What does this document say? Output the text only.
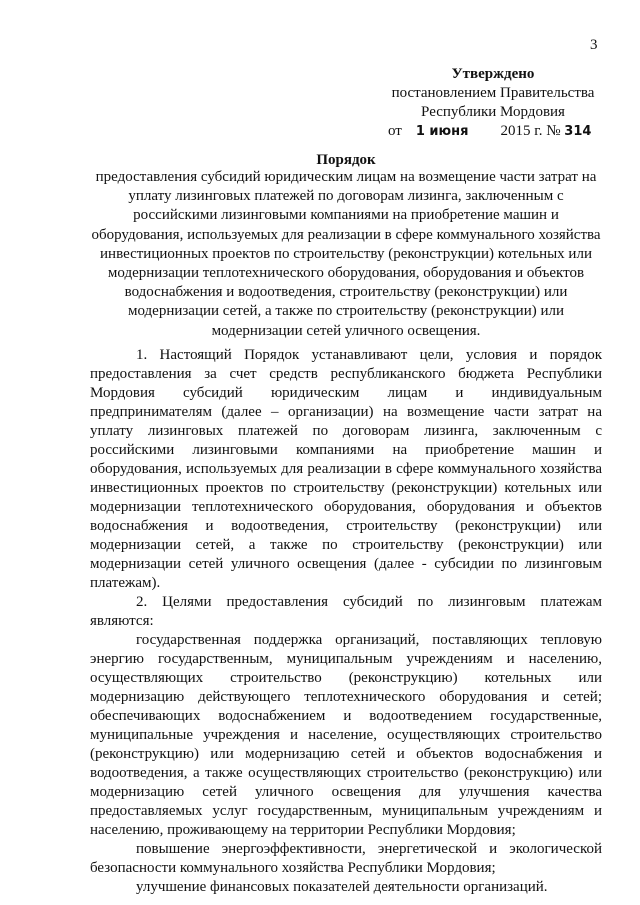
3
Утверждено
постановлением Правительства
Республики Мордовия
от 1 июня 2015 г. № 314
Порядок
предоставления субсидий юридическим лицам на возмещение части затрат на уплату лизинговых платежей по договорам лизинга, заключенным с российскими лизинговыми компаниями на приобретение машин и оборудования, используемых для реализации в сфере коммунального хозяйства инвестиционных проектов по строительству (реконструкции) котельных или модернизации теплотехнического оборудования, оборудования и объектов водоснабжения и водоотведения, строительству (реконструкции) или модернизации сетей, а также по строительству (реконструкции) или модернизации сетей уличного освещения.

1. Настоящий Порядок устанавливают цели, условия и порядок предоставления за счет средств республиканского бюджета Республики Мордовия субсидий юридическим лицам и индивидуальным предпринимателям (далее – организации) на возмещение части затрат на уплату лизинговых платежей по договорам лизинга, заключенным с российскими лизинговыми компаниями на приобретение машин и оборудования, используемых для реализации в сфере коммунального хозяйства инвестиционных проектов по строительству (реконструкции) котельных или модернизации теплотехнического оборудования, оборудования и объектов водоснабжения и водоотведения, строительству (реконструкции) или модернизации сетей, а также по строительству (реконструкции) или модернизации сетей уличного освещения (далее - субсидии по лизинговым платежам).

2. Целями предоставления субсидий по лизинговым платежам являются:

государственная поддержка организаций, поставляющих тепловую энергию государственным, муниципальным учреждениям и населению, осуществляющих строительство (реконструкцию) котельных или модернизацию действующего теплотехнического оборудования и сетей; обеспечивающих водоснабжением и водоотведением государственные, муниципальные учреждения и население, осуществляющих строительство (реконструкцию) или модернизацию сетей и объектов водоснабжения и водоотведения, а также осуществляющих строительство (реконструкцию) или модернизацию сетей уличного освещения для улучшения качества предоставляемых услуг государственным, муниципальным учреждениям и населению, проживающему на территории Республики Мордовия;

повышение энергоэффективности, энергетической и экологической безопасности коммунального хозяйства Республики Мордовия;

улучшение финансовых показателей деятельности организаций.
